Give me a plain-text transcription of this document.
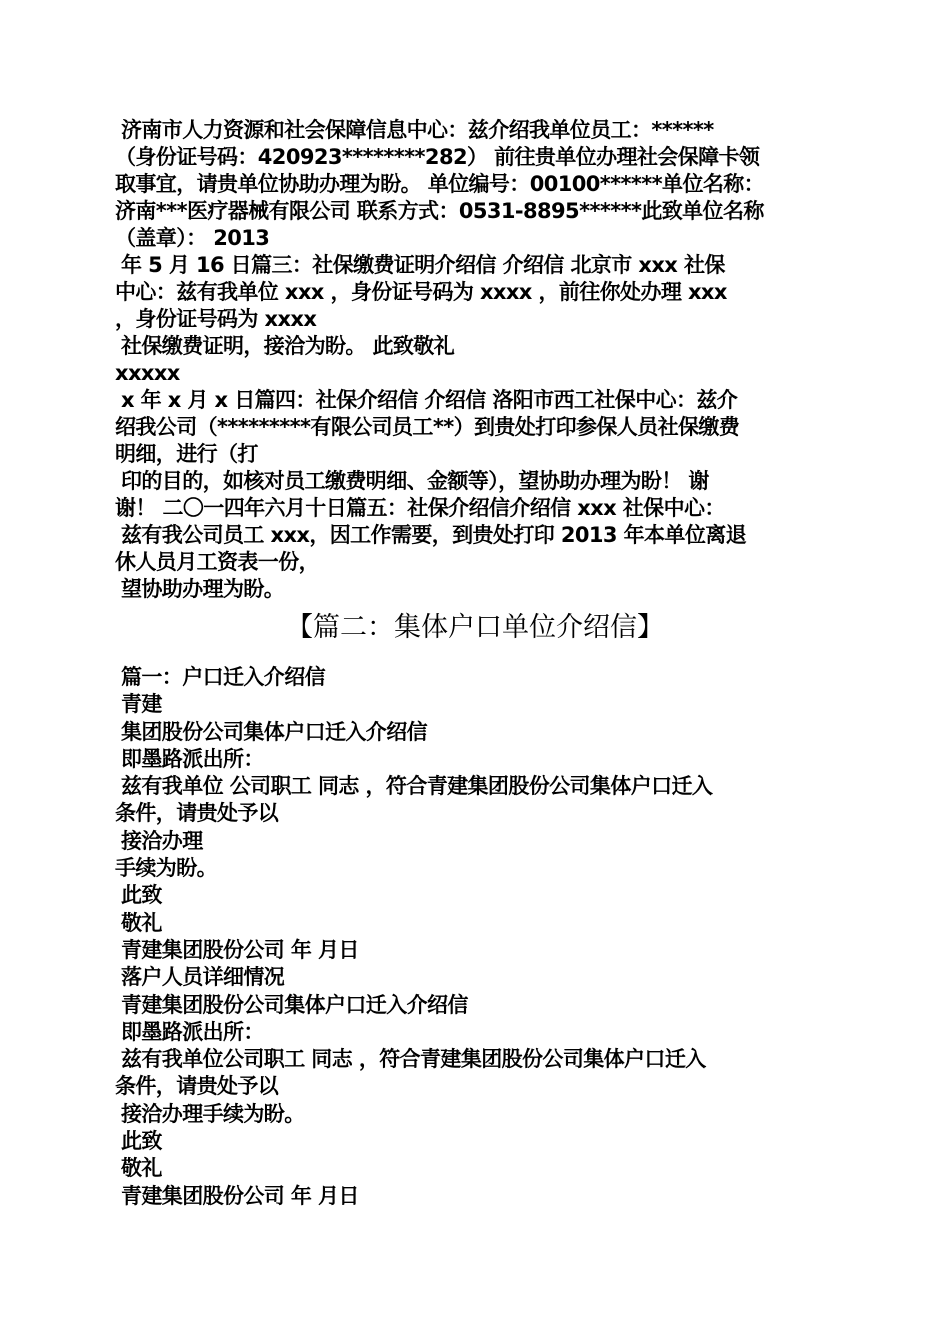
济南市人力资源和社会保障信息中心：兹介绍我单位员工：******
（身份证号码：420923********282） 前往贵单位办理社会保障卡领
取事宜，请贵单位协助办理为盼。 单位编号：00100******单位名称：
济南***医疗器械有限公司 联系方式：0531-8895******此致单位名称
（盖章）： 2013
年 5 月 16 日篇三：社保缴费证明介绍信 介绍信 北京市 xxx 社保
中心：兹有我单位 xxx ，身份证号码为 xxxx ，前往你处办理 xxx
，身份证号码为 xxxx
社保缴费证明，接洽为盼。 此致敬礼
xxxxx
x 年 x 月 x 日篇四：社保介绍信 介绍信 洛阳市西工社保中心：兹介
绍我公司（*********有限公司员工**）到贵处打印参保人员社保缴费
明细，进行（打
印的目的，如核对员工缴费明细、金额等），望协助办理为盼！ 谢
谢！ 二〇一四年六月十日篇五：社保介绍信介绍信 xxx 社保中心：
兹有我公司员工 xxx，因工作需要，到贵处打印 2013 年本单位离退
休人员月工资表一份，
望协助办理为盼。
【篇二：集体户口单位介绍信】
篇一：户口迁入介绍信
青建
集团股份公司集体户口迁入介绍信
即墨路派出所：
兹有我单位 公司职工 同志 ，符合青建集团股份公司集体户口迁入
条件，请贵处予以
接洽办理
手续为盼。
此致
敬礼
青建集团股份公司 年 月日
落户人员详细情况
青建集团股份公司集体户口迁入介绍信
即墨路派出所：
兹有我单位公司职工 同志 ，符合青建集团股份公司集体户口迁入
条件，请贵处予以
接洽办理手续为盼。
此致
敬礼
青建集团股份公司 年 月日
